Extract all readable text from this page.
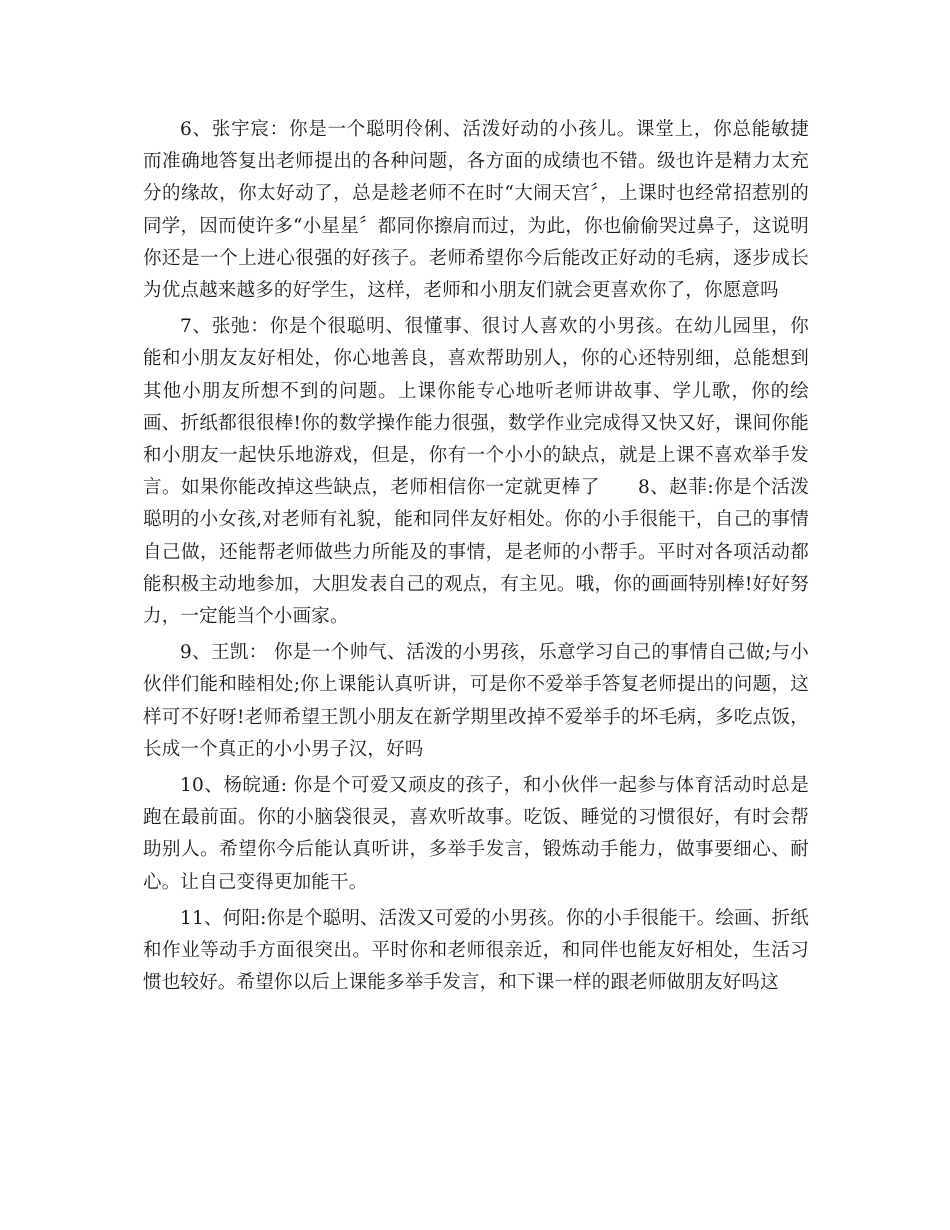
6、张宇宸：你是一个聪明伶俐、活泼好动的小孩儿。课堂上，你总能敏捷而准确地答复出老师提出的各种问题，各方面的成绩也不错。级也许是精力太充分的缘故，你太好动了，总是趁老师不在时“大闹天宫〞，上课时也经常招惹别的同学，因而使许多“小星星〞都同你擦肩而过，为此，你也偷偷哭过鼻子，这说明你还是一个上进心很强的好孩子。老师希望你今后能改正好动的毛病，逐步成长为优点越来越多的好学生，这样，老师和小朋友们就会更喜欢你了，你愿意吗

7、张弛：你是个很聪明、很懂事、很讨人喜欢的小男孩。在幼儿园里，你能和小朋友友好相处，你心地善良，喜欢帮助别人，你的心还特别细，总能想到其他小朋友所想不到的问题。上课你能专心地听老师讲故事、学儿歌，你的绘画、折纸都很很棒!你的数学操作能力很强，数学作业完成得又快又好，课间你能和小朋友一起快乐地游戏，但是，你有一个小小的缺点，就是上课不喜欢举手发言。如果你能改掉这些缺点，老师相信你一定就更棒了　　8、赵菲:你是个活泼聪明的小女孩,对老师有礼貌，能和同伴友好相处。你的小手很能干，自己的事情自己做，还能帮老师做些力所能及的事情，是老师的小帮手。平时对各项活动都能积极主动地参加，大胆发表自己的观点，有主见。哦，你的画画特别棒!好好努力，一定能当个小画家。

9、王凯： 你是一个帅气、活泼的小男孩，乐意学习自己的事情自己做;与小伙伴们能和睦相处;你上课能认真听讲，可是你不爱举手答复老师提出的问题，这样可不好呀!老师希望王凯小朋友在新学期里改掉不爱举手的坏毛病，多吃点饭，长成一个真正的小小男子汉，好吗

10、杨皖通: 你是个可爱又顽皮的孩子，和小伙伴一起参与体育活动时总是跑在最前面。你的小脑袋很灵，喜欢听故事。吃饭、睡觉的习惯很好，有时会帮助别人。希望你今后能认真听讲，多举手发言，锻炼动手能力，做事要细心、耐心。让自己变得更加能干。

11、何阳:你是个聪明、活泼又可爱的小男孩。你的小手很能干。绘画、折纸和作业等动手方面很突出。平时你和老师很亲近，和同伴也能友好相处，生活习惯也较好。希望你以后上课能多举手发言，和下课一样的跟老师做朋友好吗这
